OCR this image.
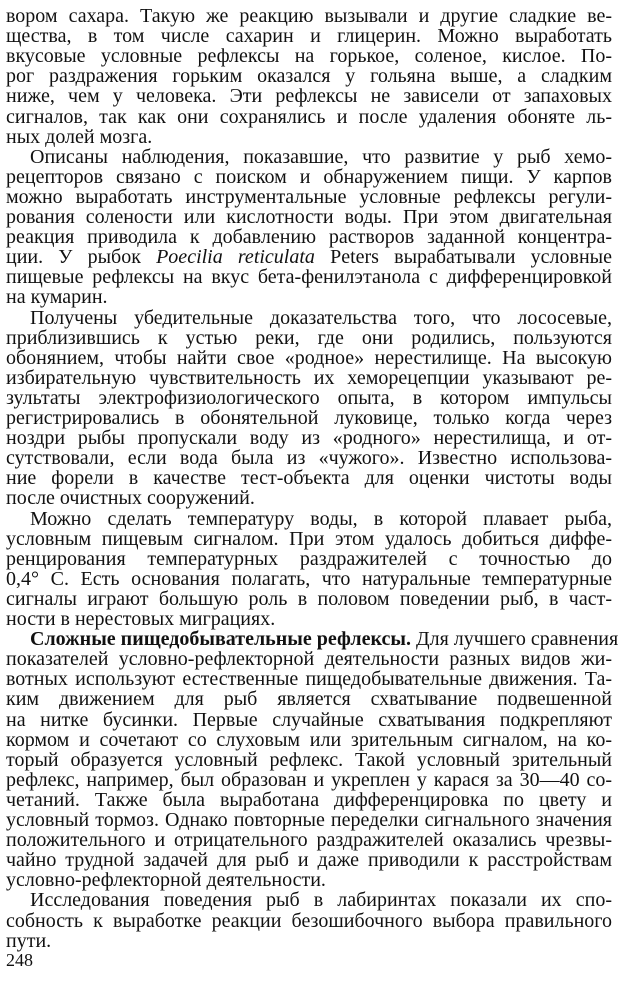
вором сахара. Такую же реакцию вызывали и другие сладкие ве-
щества, в том числе сахарин и глицерин. Можно выработать
вкусовые условные рефлексы на горькое, соленое, кислое. По-
рог раздражения горьким оказался у гольяна выше, а сладким
ниже, чем у человека. Эти рефлексы не зависели от запаховых
сигналов, так как они сохранялись и после удаления обоняте ль-
ных долей мозга.
Описаны наблюдения, показавшие, что развитие у рыб хемо-
рецепторов связано с поиском и обнаружением пищи. У карпов
можно выработать инструментальные условные рефлексы регули-
рования солености или кислотности воды. При этом двигательная
реакция приводила к добавлению растворов заданной концентра-
ции. У рыбок Poecilia reticulata Peters вырабатывали условные
пищевые рефлексы на вкус бета-фенилэтанола с дифференцировкой
на кумарин.
Получены убедительные доказательства того, что лососевые,
приблизившись к устью реки, где они родились, пользуются
обонянием, чтобы найти свое «родное» нерестилище. На высокую
избирательную чувствительность их хеморецепции указывают ре-
зультаты электрофизиологического опыта, в котором импульсы
регистрировались в обонятельной луковице, только когда через
ноздри рыбы пропускали воду из «родного» нерестилища, и от-
сутствовали, если вода была из «чужого». Известно использова-
ние форели в качестве тест-объекта для оценки чистоты воды
после очистных сооружений.
Можно сделать температуру воды, в которой плавает рыба,
условным пищевым сигналом. При этом удалось добиться диффе-
ренцирования температурных раздражителей с точностью до
0,4° С. Есть основания полагать, что натуральные температурные
сигналы играют большую роль в половом поведении рыб, в част-
ности в нерестовых миграциях.
Сложные пищедобывательные рефлексы. Для лучшего сравнения
показателей условно-рефлекторной деятельности разных видов жи-
вотных используют естественные пищедобывательные движения. Та-
ким движением для рыб является схватывание подвешенной
на нитке бусинки. Первые случайные схватывания подкрепляют
кормом и сочетают со слуховым или зрительным сигналом, на ко-
торый образуется условный рефлекс. Такой условный зрительный
рефлекс, например, был образован и укреплен у карася за 30—40 со-
четаний. Также была выработана дифференцировка по цвету и
условный тормоз. Однако повторные переделки сигнального значения
положительного и отрицательного раздражителей оказались чрезвы-
чайно трудной задачей для рыб и даже приводили к расстройствам
условно-рефлекторной деятельности.
Исследования поведения рыб в лабиринтах показали их спо-
собность к выработке реакции безошибочного выбора правильного
пути.
248
